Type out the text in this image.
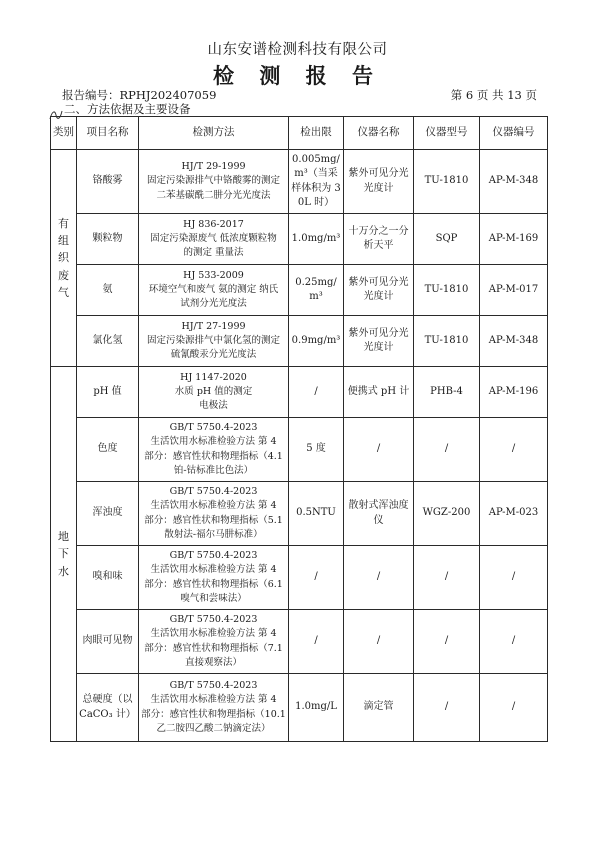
山东安谱检测科技有限公司
检 测 报 告
报告编号：RPHJ202407059	第 6 页 共 13 页
二、方法依据及主要设备
类别	项目名称	检测方法	检出限	仪器名称	仪器型号	仪器编号
有组织废气	铬酸雾	HJ/T 29-1999
固定污染源排气中铬酸雾的测定
二苯基碳酰二肼分光光度法	0.005mg/m³（当采样体积为 30L 时）	紫外可见分光光度计	TU-1810	AP-M-348
	颗粒物	HJ 836-2017
固定污染源废气 低浓度颗粒物
的测定 重量法	1.0mg/m³	十万分之一分析天平	SQP	AP-M-169
	氨	HJ 533-2009
环境空气和废气 氨的测定 纳氏
试剂分光光度法	0.25mg/m³	紫外可见分光光度计	TU-1810	AP-M-017
	氯化氢	HJ/T 27-1999
固定污染源排气中氯化氢的测定
硫氰酸汞分光光度法	0.9mg/m³	紫外可见分光光度计	TU-1810	AP-M-348
地下水	pH 值	HJ 1147-2020
水质 pH 值的测定
电极法	/	便携式 pH 计	PHB-4	AP-M-196
	色度	GB/T 5750.4-2023
生活饮用水标准检验方法 第 4
部分：感官性状和物理指标（4.1
铂-钴标准比色法）	5 度	/	/	/
	浑浊度	GB/T 5750.4-2023
生活饮用水标准检验方法 第 4
部分：感官性状和物理指标（5.1
散射法-福尔马肼标准）	0.5NTU	散射式浑浊度仪	WGZ-200	AP-M-023
	嗅和味	GB/T 5750.4-2023
生活饮用水标准检验方法 第 4
部分：感官性状和物理指标（6.1
嗅气和尝味法）	/	/	/	/
	肉眼可见物	GB/T 5750.4-2023
生活饮用水标准检验方法 第 4
部分：感官性状和物理指标（7.1
直接观察法）	/	/	/	/
	总硬度（以 CaCO₃ 计）	GB/T 5750.4-2023
生活饮用水标准检验方法 第 4
部分：感官性状和物理指标（10.1
乙二胺四乙酸二钠滴定法）	1.0mg/L	滴定管	/	/
